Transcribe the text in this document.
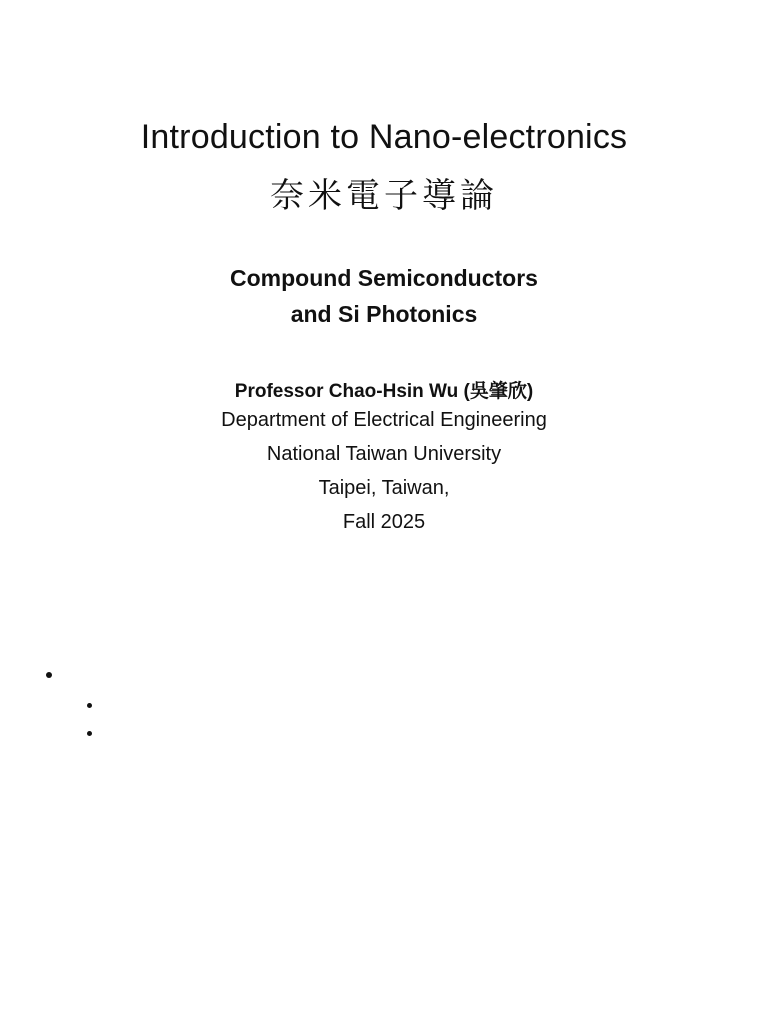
Introduction to Nano-electronics
奈米電子導論
Compound Semiconductors
and Si Photonics
Professor Chao-Hsin Wu (吳肇欣)
Department of Electrical Engineering
National Taiwan University
Taipei, Taiwan,
Fall 2025
